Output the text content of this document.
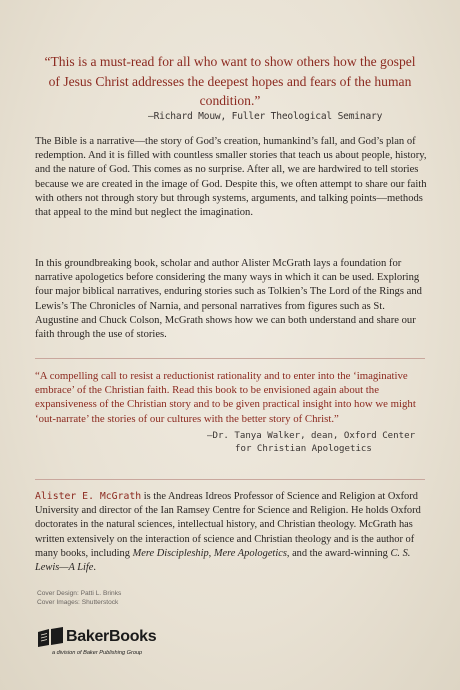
“This is a must-read for all who want to show others how the gospel of Jesus Christ addresses the deepest hopes and fears of the human condition.”

—Richard Mouw, Fuller Theological Seminary

The Bible is a narrative—the story of God’s creation, humankind’s fall, and God’s plan of redemption. And it is filled with countless smaller stories that teach us about people, history, and the nature of God. This comes as no surprise. After all, we are hardwired to tell stories because we are created in the image of God. Despite this, we often attempt to share our faith with others not through story but through systems, arguments, and talking points—methods that appeal to the mind but neglect the imagination.

In this groundbreaking book, scholar and author Alister McGrath lays a foundation for narrative apologetics before considering the many ways in which it can be used. Exploring four major biblical narratives, enduring stories such as Tolkien’s The Lord of the Rings and Lewis’s The Chronicles of Narnia, and personal narratives from figures such as St. Augustine and Chuck Colson, McGrath shows how we can both understand and share our faith through the use of stories.

“A compelling call to resist a reductionist rationality and to enter into the ‘imaginative embrace’ of the Christian faith. Read this book to be envisioned again about the expansiveness of the Christian story and to be given practical insight into how we might ‘out-narrate’ the stories of our cultures with the better story of Christ.”

—Dr. Tanya Walker, dean, Oxford Center
for Christian Apologetics

Alister E. McGrath is the Andreas Idreos Professor of Science and Religion at Oxford University and director of the Ian Ramsey Centre for Science and Religion. He holds Oxford doctorates in the natural sciences, intellectual history, and Christian theology. McGrath has written extensively on the interaction of science and Christian theology and is the author of many books, including Mere Discipleship, Mere Apologetics, and the award-winning C. S. Lewis—A Life.

Cover Design: Patti L. Brinks
Cover Images: Shutterstock
BakerBooks
a division of Baker Publishing Group
